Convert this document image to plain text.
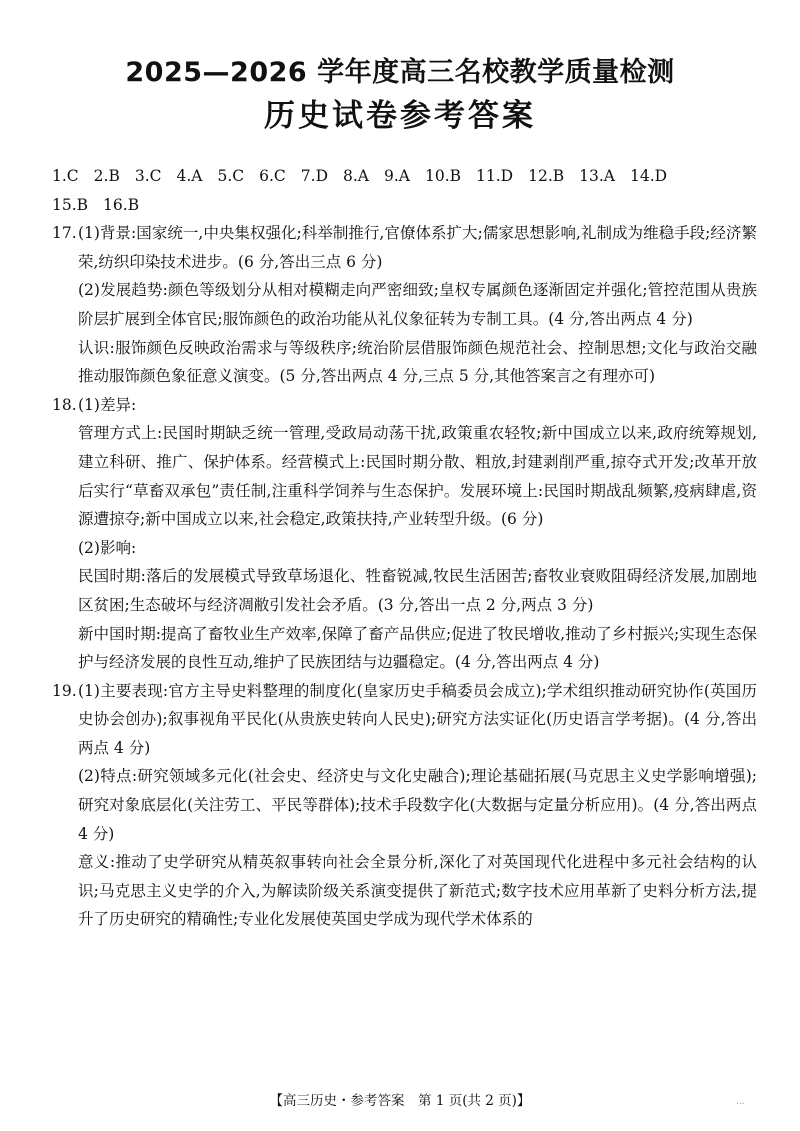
2025—2026 学年度高三名校教学质量检测
历史试卷参考答案
1.C 2.B 3.C 4.A 5.C 6.C 7.D 8.A 9.A 10.B 11.D 12.B 13.A 14.D
15.B 16.B
17.(1)背景:国家统一,中央集权强化;科举制推行,官僚体系扩大;儒家思想影响,礼制成为维稳手段;经济繁荣,纺织印染技术进步。(6 分,答出三点 6 分)
(2)发展趋势:颜色等级划分从相对模糊走向严密细致;皇权专属颜色逐渐固定并强化;管控范围从贵族阶层扩展到全体官民;服饰颜色的政治功能从礼仪象征转为专制工具。(4 分,答出两点 4 分)
认识:服饰颜色反映政治需求与等级秩序;统治阶层借服饰颜色规范社会、控制思想;文化与政治交融推动服饰颜色象征意义演变。(5 分,答出两点 4 分,三点 5 分,其他答案言之有理亦可)
18.(1)差异:
管理方式上:民国时期缺乏统一管理,受政局动荡干扰,政策重农轻牧;新中国成立以来,政府统筹规划,建立科研、推广、保护体系。经营模式上:民国时期分散、粗放,封建剥削严重,掠夺式开发;改革开放后实行“草畜双承包”责任制,注重科学饲养与生态保护。发展环境上:民国时期战乱频繁,疫病肆虐,资源遭掠夺;新中国成立以来,社会稳定,政策扶持,产业转型升级。(6 分)
(2)影响:
民国时期:落后的发展模式导致草场退化、牲畜锐减,牧民生活困苦;畜牧业衰败阻碍经济发展,加剧地区贫困;生态破坏与经济凋敝引发社会矛盾。(3 分,答出一点 2 分,两点 3 分)
新中国时期:提高了畜牧业生产效率,保障了畜产品供应;促进了牧民增收,推动了乡村振兴;实现生态保护与经济发展的良性互动,维护了民族团结与边疆稳定。(4 分,答出两点 4 分)
19.(1)主要表现:官方主导史料整理的制度化(皇家历史手稿委员会成立);学术组织推动研究协作(英国历史协会创办);叙事视角平民化(从贵族史转向人民史);研究方法实证化(历史语言学考据)。(4 分,答出两点 4 分)
(2)特点:研究领域多元化(社会史、经济史与文化史融合);理论基础拓展(马克思主义史学影响增强);研究对象底层化(关注劳工、平民等群体);技术手段数字化(大数据与定量分析应用)。(4 分,答出两点 4 分)
意义:推动了史学研究从精英叙事转向社会全景分析,深化了对英国现代化进程中多元社会结构的认识;马克思主义史学的介入,为解读阶级关系演变提供了新范式;数字技术应用革新了史料分析方法,提升了历史研究的精确性;专业化发展使英国史学成为现代学术体系的
【高三历史・参考答案　第 1 页(共 2 页)】	...
